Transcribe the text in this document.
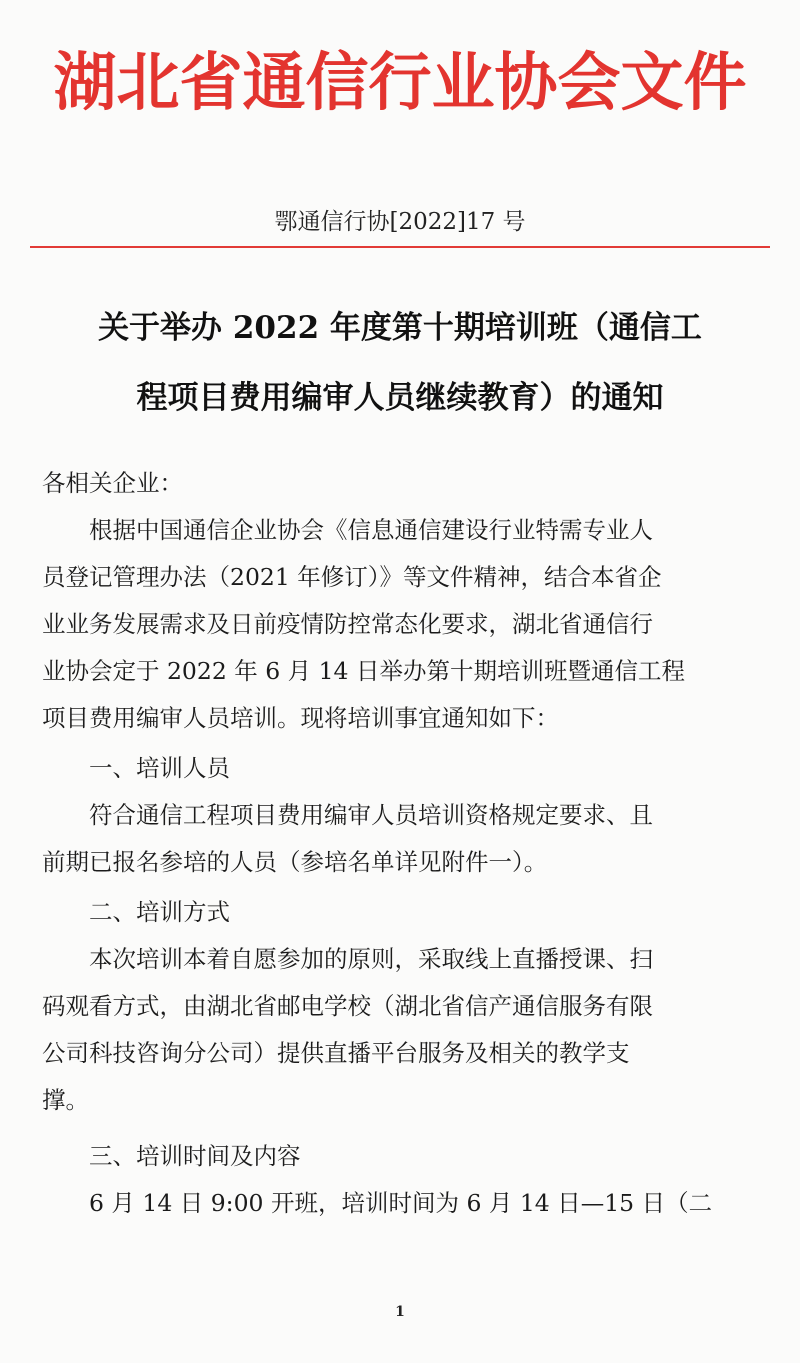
湖北省通信行业协会文件
鄂通信行协[2022]17 号
关于举办 2022 年度第十期培训班（通信工
程项目费用编审人员继续教育）的通知

各相关企业：

根据中国通信企业协会《信息通信建设行业特需专业人
员登记管理办法（2021 年修订）》等文件精神，结合本省企
业业务发展需求及日前疫情防控常态化要求，湖北省通信行
业协会定于 2022 年 6 月 14 日举办第十期培训班暨通信工程
项目费用编审人员培训。现将培训事宜通知如下：

一、培训人员

符合通信工程项目费用编审人员培训资格规定要求、且
前期已报名参培的人员（参培名单详见附件一）。

二、培训方式

本次培训本着自愿参加的原则，采取线上直播授课、扫
码观看方式，由湖北省邮电学校（湖北省信产通信服务有限
公司科技咨询分公司）提供直播平台服务及相关的教学支
撑。

三、培训时间及内容

6 月 14 日 9:00 开班，培训时间为 6 月 14 日—15 日（二

1
